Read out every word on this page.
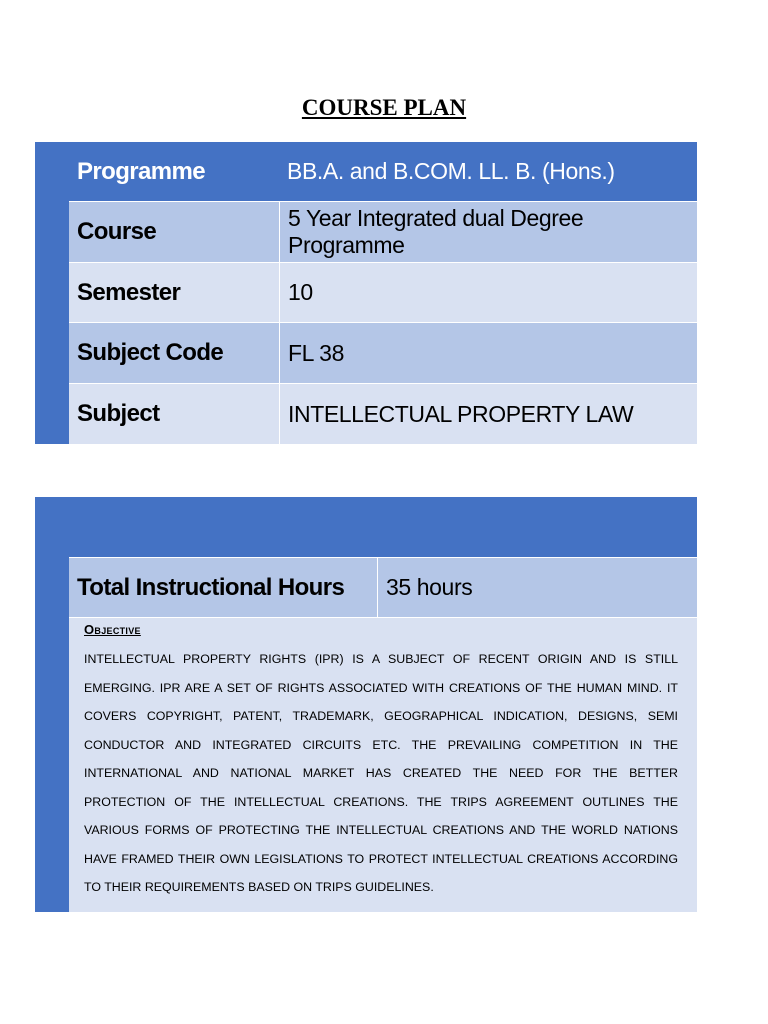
COURSE PLAN
Programme	BB.A. and B.COM. LL. B. (Hons.)
Course	5 Year Integrated dual Degree Programme
Semester	10
Subject Code	FL 38
Subject	INTELLECTUAL PROPERTY LAW
Total Instructional Hours	35 hours
Objective
INTELLECTUAL PROPERTY RIGHTS (IPR) IS A SUBJECT OF RECENT ORIGIN AND IS STILL EMERGING. IPR ARE A SET OF RIGHTS ASSOCIATED WITH CREATIONS OF THE HUMAN MIND. IT COVERS COPYRIGHT, PATENT, TRADEMARK, GEOGRAPHICAL INDICATION, DESIGNS, SEMI CONDUCTOR AND INTEGRATED CIRCUITS ETC. THE PREVAILING COMPETITION IN THE INTERNATIONAL AND NATIONAL MARKET HAS CREATED THE NEED FOR THE BETTER PROTECTION OF THE INTELLECTUAL CREATIONS. THE TRIPS AGREEMENT OUTLINES THE VARIOUS FORMS OF PROTECTING THE INTELLECTUAL CREATIONS AND THE WORLD NATIONS HAVE FRAMED THEIR OWN LEGISLATIONS TO PROTECT INTELLECTUAL CREATIONS ACCORDING TO THEIR REQUIREMENTS BASED ON TRIPS GUIDELINES.
